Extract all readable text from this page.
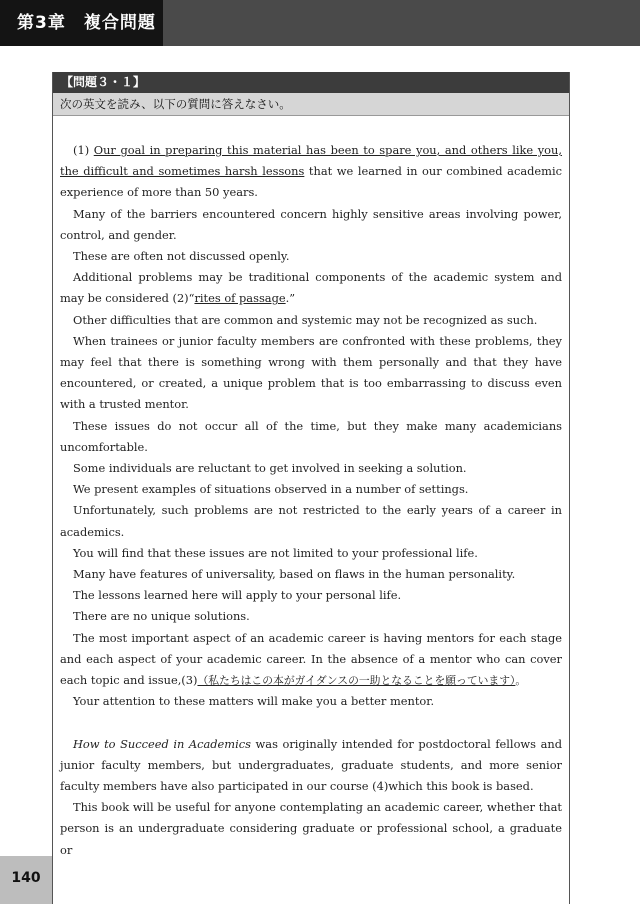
第3章　複合問題
【問題３・１】
次の英文を読み、以下の質問に答えなさい。

(1) Our goal in preparing this material has been to spare you, and others like you, the difficult and sometimes harsh lessons that we learned in our combined academic experience of more than 50 years.

Many of the barriers encountered concern highly sensitive areas involving power, control, and gender.

These are often not discussed openly.

Additional problems may be traditional components of the academic system and may be considered (2)“rites of passage.”

Other difficulties that are common and systemic may not be recognized as such.

When trainees or junior faculty members are confronted with these problems, they may feel that there is something wrong with them personally and that they have encountered, or created, a unique problem that is too embarrassing to discuss even with a trusted mentor.

These issues do not occur all of the time, but they make many academicians uncomfortable.

Some individuals are reluctant to get involved in seeking a solution.

We present examples of situations observed in a number of settings.

Unfortunately, such problems are not restricted to the early years of a career in academics.

You will find that these issues are not limited to your professional life.

Many have features of universality, based on flaws in the human personality.

The lessons learned here will apply to your personal life.

There are no unique solutions.

The most important aspect of an academic career is having mentors for each stage and each aspect of your academic career. In the absence of a mentor who can cover each topic and issue,(3)（私たちはこの本がガイダンスの一助となることを願っています）。

Your attention to these matters will make you a better mentor.

How to Succeed in Academics was originally intended for postdoctoral fellows and junior faculty members, but undergraduates, graduate students, and more senior faculty members have also participated in our course (4)which this book is based.

This book will be useful for anyone contemplating an academic career, whether that person is an undergraduate considering graduate or professional school, a graduate or

140
